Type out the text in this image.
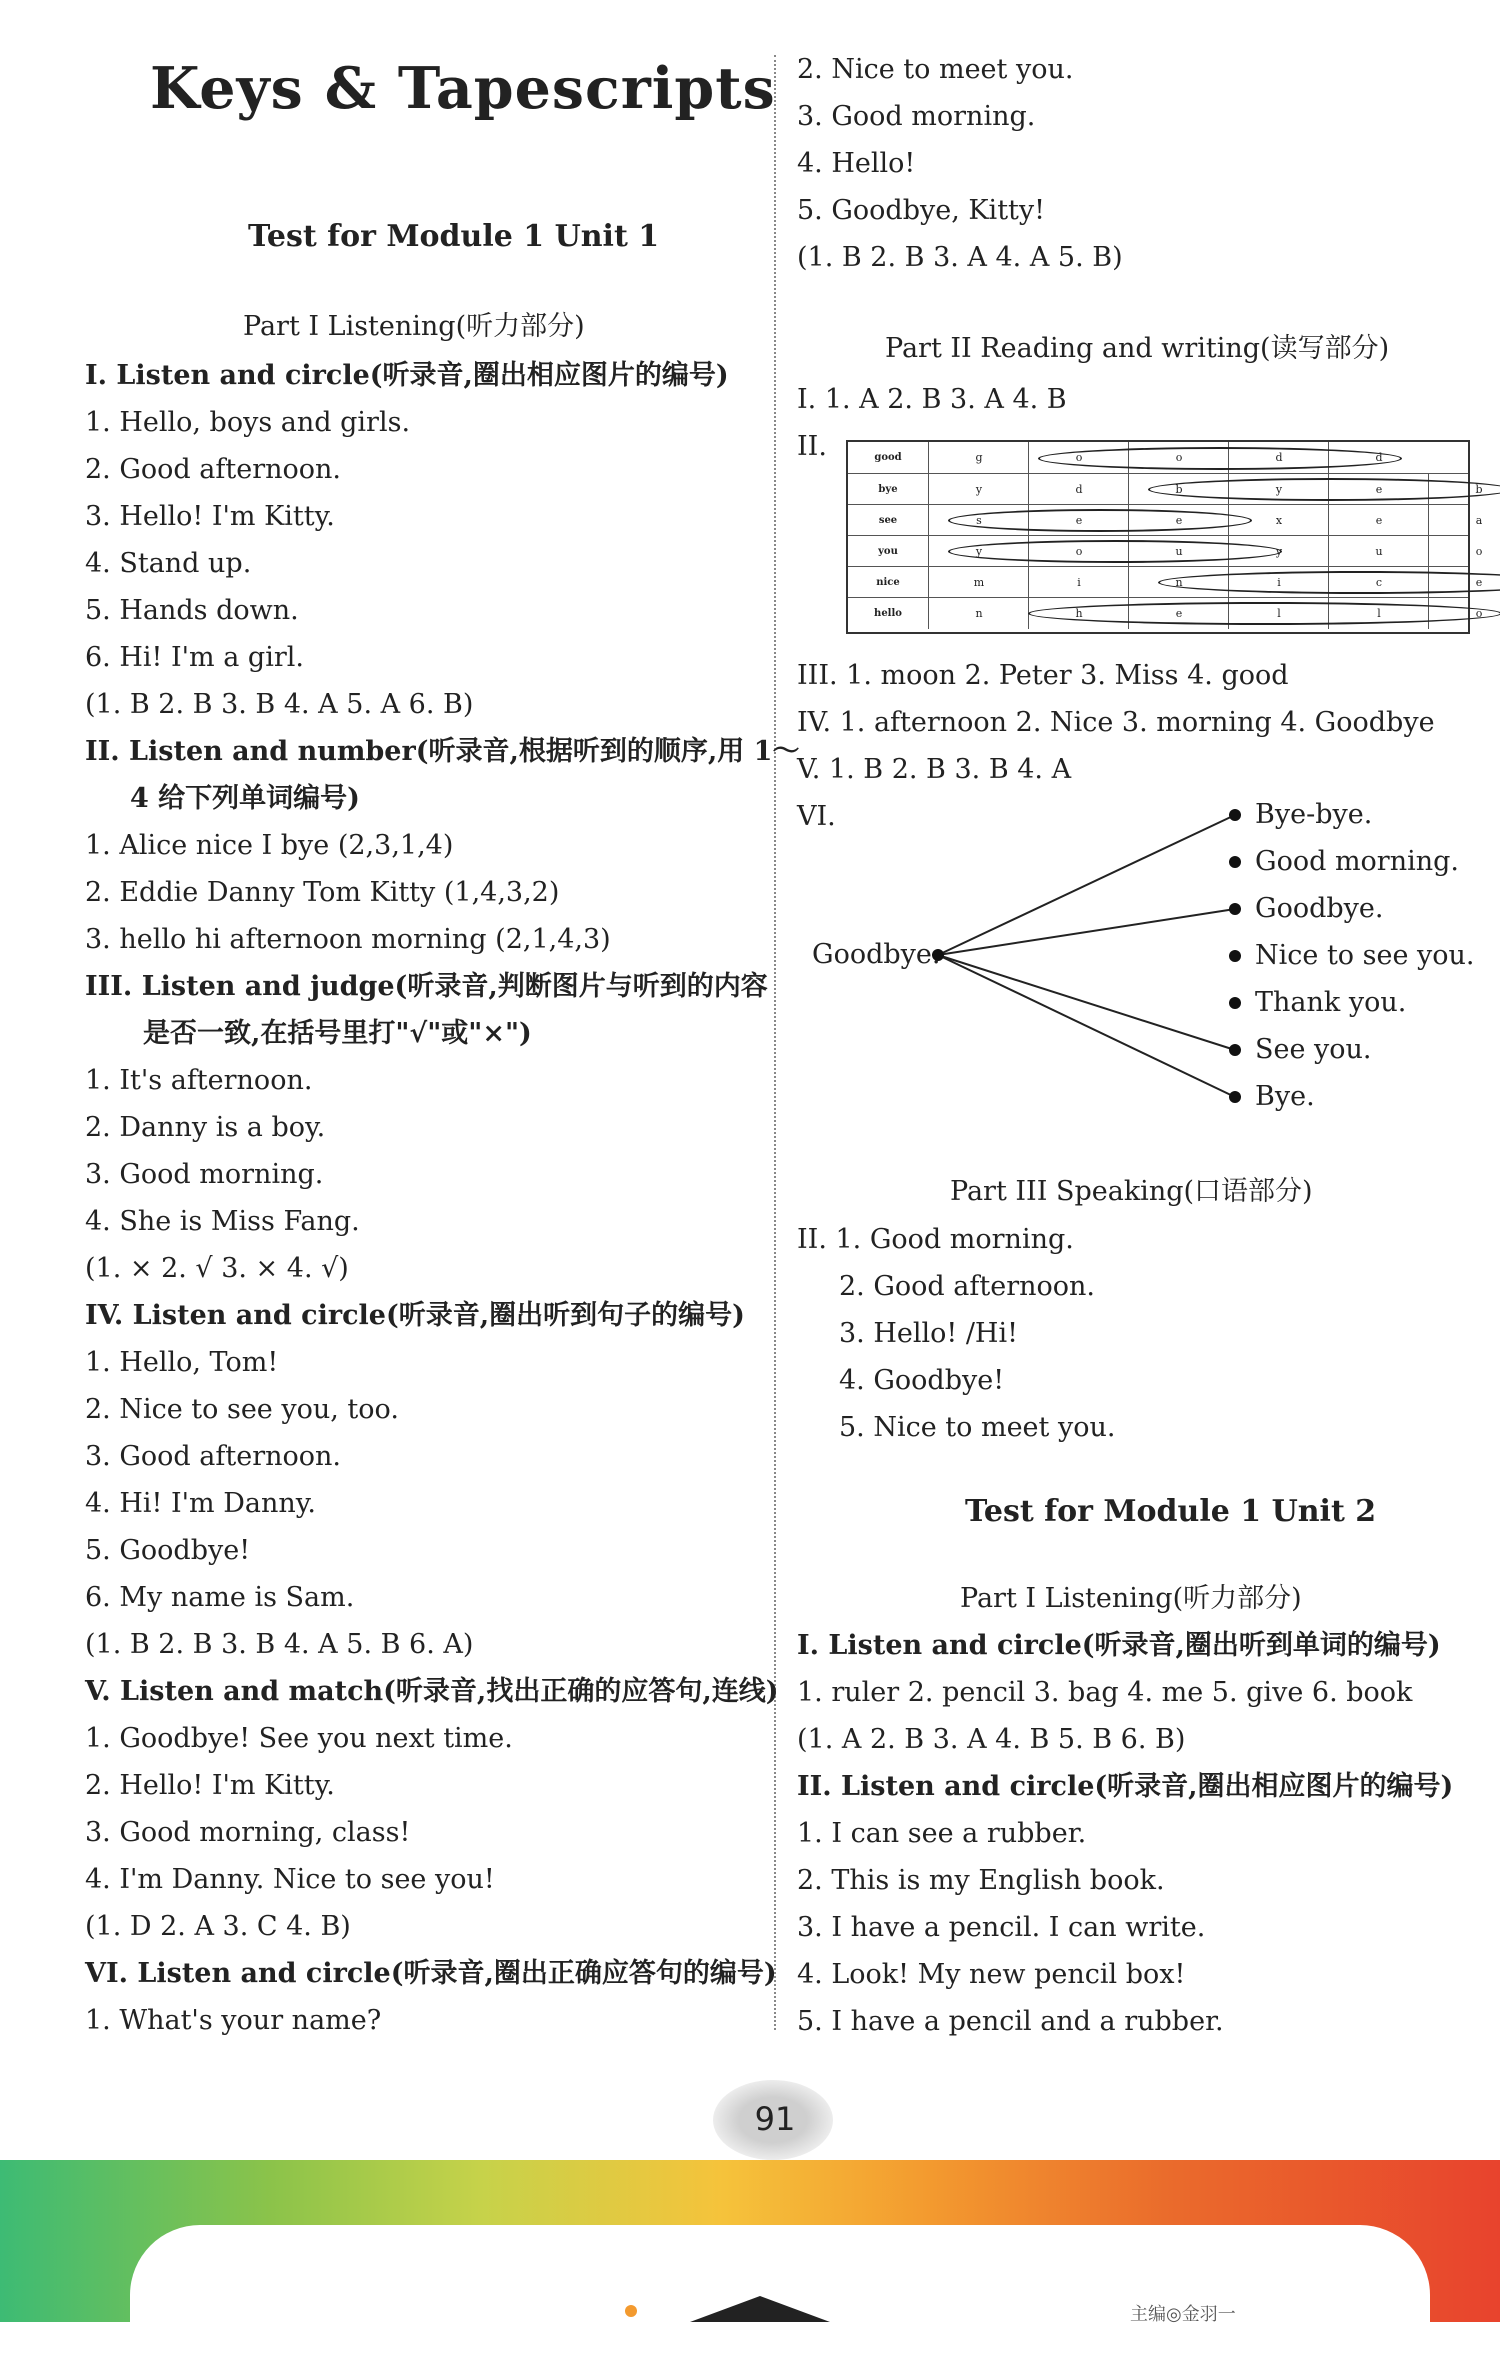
Keys & Tapescripts
Test for Module 1 Unit 1
Part I Listening(听力部分)
I. Listen and circle(听录音,圈出相应图片的编号)
1. Hello, boys and girls.
2. Good afternoon.
3. Hello! I'm Kitty.
4. Stand up.
5. Hands down.
6. Hi! I'm a girl.
(1. B 2. B 3. B 4. A 5. A 6. B)
II. Listen and number(听录音,根据听到的顺序,用 1～
4 给下列单词编号)
1. Alice nice I bye (2,3,1,4)
2. Eddie Danny Tom Kitty (1,4,3,2)
3. hello hi afternoon morning (2,1,4,3)
III. Listen and judge(听录音,判断图片与听到的内容
是否一致,在括号里打"√"或"×")
1. It's afternoon.
2. Danny is a boy.
3. Good morning.
4. She is Miss Fang.
(1. × 2. √ 3. × 4. √)
IV. Listen and circle(听录音,圈出听到句子的编号)
1. Hello, Tom!
2. Nice to see you, too.
3. Good afternoon.
4. Hi! I'm Danny.
5. Goodbye!
6. My name is Sam.
(1. B 2. B 3. B 4. A 5. B 6. A)
V. Listen and match(听录音,找出正确的应答句,连线)
1. Goodbye! See you next time.
2. Hello! I'm Kitty.
3. Good morning, class!
4. I'm Danny. Nice to see you!
(1. D 2. A 3. C 4. B)
VI. Listen and circle(听录音,圈出正确应答句的编号)
1. What's your name?
2. Nice to meet you.
3. Good morning.
4. Hello!
5. Goodbye, Kitty!
(1. B 2. B 3. A 4. A 5. B)
Part II Reading and writing(读写部分)
I. 1. A 2. B 3. A 4. B
II.
III. 1. moon 2. Peter 3. Miss 4. good
IV. 1. afternoon 2. Nice 3. morning 4. Goodbye
V. 1. B 2. B 3. B 4. A
VI.
Part III Speaking(口语部分)
II. 1. Good morning.
2. Good afternoon.
3. Hello! /Hi!
4. Goodbye!
5. Nice to meet you.
Test for Module 1 Unit 2
Part I Listening(听力部分)
I. Listen and circle(听录音,圈出听到单词的编号)
1. ruler 2. pencil 3. bag 4. me 5. give 6. book
(1. A 2. B 3. A 4. B 5. B 6. B)
II. Listen and circle(听录音,圈出相应图片的编号)
1. I can see a rubber.
2. This is my English book.
3. I have a pencil. I can write.
4. Look! My new pencil box!
5. I have a pencil and a rubber.
good	g	o	o	d	d
bye	y	d	b	y	e	b
see	s	e	e	x	e	a
you	y	o	u	y	u	o
nice	m	i	n	i	c	e
hello	n	h	e	l	l	o
Goodbye.
Bye-bye.
Good morning.
Goodbye.
Nice to see you.
Thank you.
See you.
Bye.
91
主编◎金羽一
